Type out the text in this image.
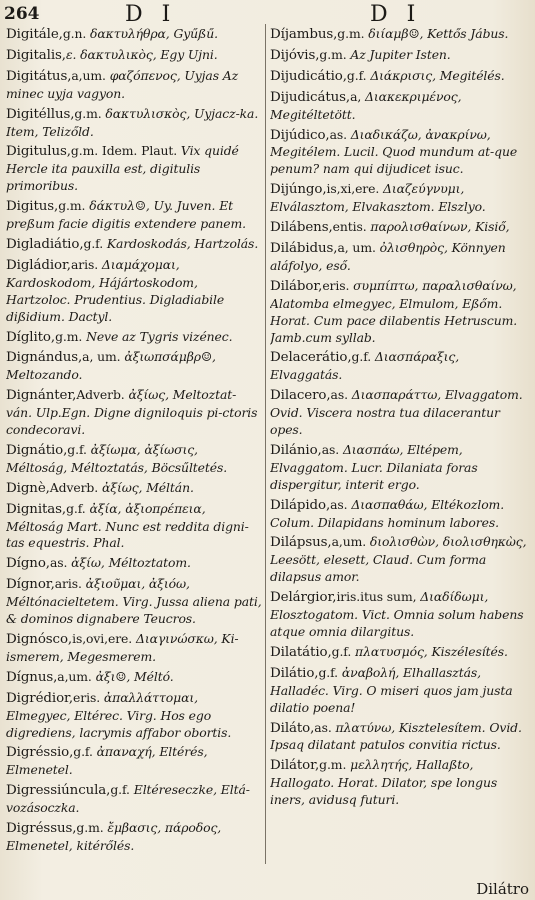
264	D I	D I

Digitále,g.n. δακτυλήθρα, Gyűßű.

Digitalis,ε. δακτυλικὸς, Egy Ujni.

Digitátus,a,um. φαζόπενος, Uyjas Az minec uyja vagyon.

Digitéllus,g.m. δακτυλισκὸς, Uyjacz-ka. Item, Telizőld.

Digitulus,g.m. Idem. Plaut. Vix quidé Hercle ita pauxilla est, digitulis primoribus.

Digitus,g.m. δάκτυλ☺, Uy. Juven. Et preßum facie digitis extendere panem.

Digladiátio,g.f. Kardoskodás, Hartzolás.

Digládior,aris. Διαμάχομαι, Kardoskodom, Hájártoskodom, Hartzoloc. Prudentius. Digladiabile dißidium. Dactyl.

Díglito,g.m. Neve az Tygris vizénec.

Dignándus,a, um. ἀξιωπσάμβρ☺, Meltozando.

Dignánter,Adverb. ἀξίως, Meltoztat-ván. Ulp.Egn. Digne digniloquis pi-ctoris condecoravi.

Dignátio,g.f. ἀξίωμα, ἀξίωσις, Méltoság, Méltoztatás, Böcsűltetés.

Dignè,Adverb. ἀξίως, Méltán.

Dignitas,g.f. ἀξία, ἀξιοπρέπεια, Méltoság Mart. Nunc est reddita digni-tas equestris. Phal.

Dígno,as. ἀξίω, Méltoztatom.

Dígnor,aris. ἀξιοῦμαι, ἀξιόω, Méltónacieltetem. Virg. Jussa aliena pati, & dominos dignabere Teucros.

Dignósco,is,ovi,ere. Διαγινώσκω, Ki-ismerem, Megesmerem.

Dígnus,a,um. ἀξι☺, Méltó.

Digrédior,eris. ἀπαλλάττομαι, Elmegyec, Eltérec. Virg. Hos ego digrediens, lacrymis affabor obortis.

Digréssio,g.f. ἀπαναχή, Eltérés, Elmenetel.

Digressiúncula,g.f. Eltéreseczke, Eltá-vozásoczka.

Digréssus,g.m. ἔμβασις, πάροδος, Elmenetel, kitérőlés.

Díjambus,g.m. διίαμβ☺, Kettős Jábus.

Dijóvis,g.m. Az Jupiter Isten.

Dijudicátio,g.f. Διάκρισις, Megitélés.

Dijudicátus,a, Διακεκριμένος, Megitéltetött.

Dijúdico,as. Διαδικάζω, ἀνακρίνω, Megitélem. Lucil. Quod mundum at-que penum? nam qui dijudicet isuc.

Dijúngo,is,xi,ere. Διαζεύγνυμι, Elválasztom, Elvakasztom. Elszlyo.

Dilábens,entis. παρολισθαίνων, Kisiő,

Dilábidus,a, um. ὀλισθηρὸς, Könnyen aláfolyo, eső.

Dilábor,eris. συμπίπτω, παραλισθαίνω, Alatomba elmegyec, Elmulom, Eßőm. Horat. Cum pace dilabentis Hetruscum. Jamb.cum syllab.

Delacerátio,g.f. Διασπάραξις, Elvaggatás.

Dilacero,as. Διασπαράττω, Elvaggatom. Ovid. Viscera nostra tua dilacerantur opes.

Dilánio,as. Διασπάω, Eltépem, Elvaggatom. Lucr. Dilaniata foras dispergitur, interit ergo.

Dilápido,as. Διασπαθάω, Eltékozlom. Colum. Dilapidans hominum labores.

Dilápsus,a,um. διολισθὼν, διολισθηκὼς, Leesött, elesett, Claud. Cum forma dilapsus amor.

Delárgior,iris.itus sum, Διαδίδωμι, Elosztogatom. Vict. Omnia solum habens atque omnia dilargitus.

Dilatátio,g.f. πλατυσμός, Kiszélesítés.

Dilátio,g.f. ἀναβολή, Elhallasztás, Halladéc. Virg. O miseri quos jam justa dilatio poena!

Diláto,as. πλατύνω, Kisztelesítem. Ovid. Ipsaq dilatant patulos convitia rictus.

Dilátor,g.m. μελλητής, Hallaßto, Hallogato. Horat. Dilator, spe longus iners, avidusq futuri.

Dilátro
